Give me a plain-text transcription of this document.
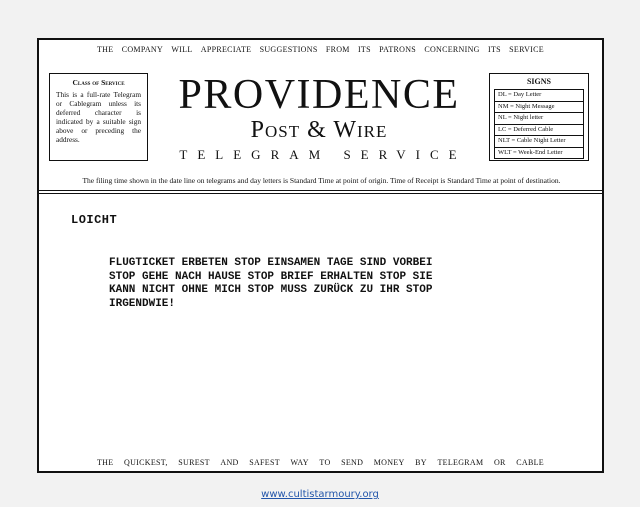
THE COMPANY WILL APPRECIATE SUGGESTIONS FROM ITS PATRONS CONCERNING ITS SERVICE
Class of Service
This is a full-rate Telegram or Cablegram unless its deferred character is indicated by a suitable sign above or preceding the address.
PROVIDENCE
Post & Wire
TELEGRAM SERVICE
SIGNS
DL = Day Letter
NM = Night Message
NL = Night letter
LC = Deferred Cable
NLT = Cable Night Letter
WLT = Week-End Letter
The filing time shown in the date line on telegrams and day letters is Standard Time at point of origin. Time of Receipt is Standard Time at point of destination.
LOICHT
FLUGTICKET ERBETEN STOP EINSAMEN TAGE SIND VORBEI
STOP GEHE NACH HAUSE STOP BRIEF ERHALTEN STOP SIE
KANN NICHT OHNE MICH STOP MUSS ZURÜCK ZU IHR STOP
IRGENDWIE!
THE QUICKEST, SUREST AND SAFEST WAY TO SEND MONEY BY TELEGRAM OR CABLE
www.cultistarmoury.org
